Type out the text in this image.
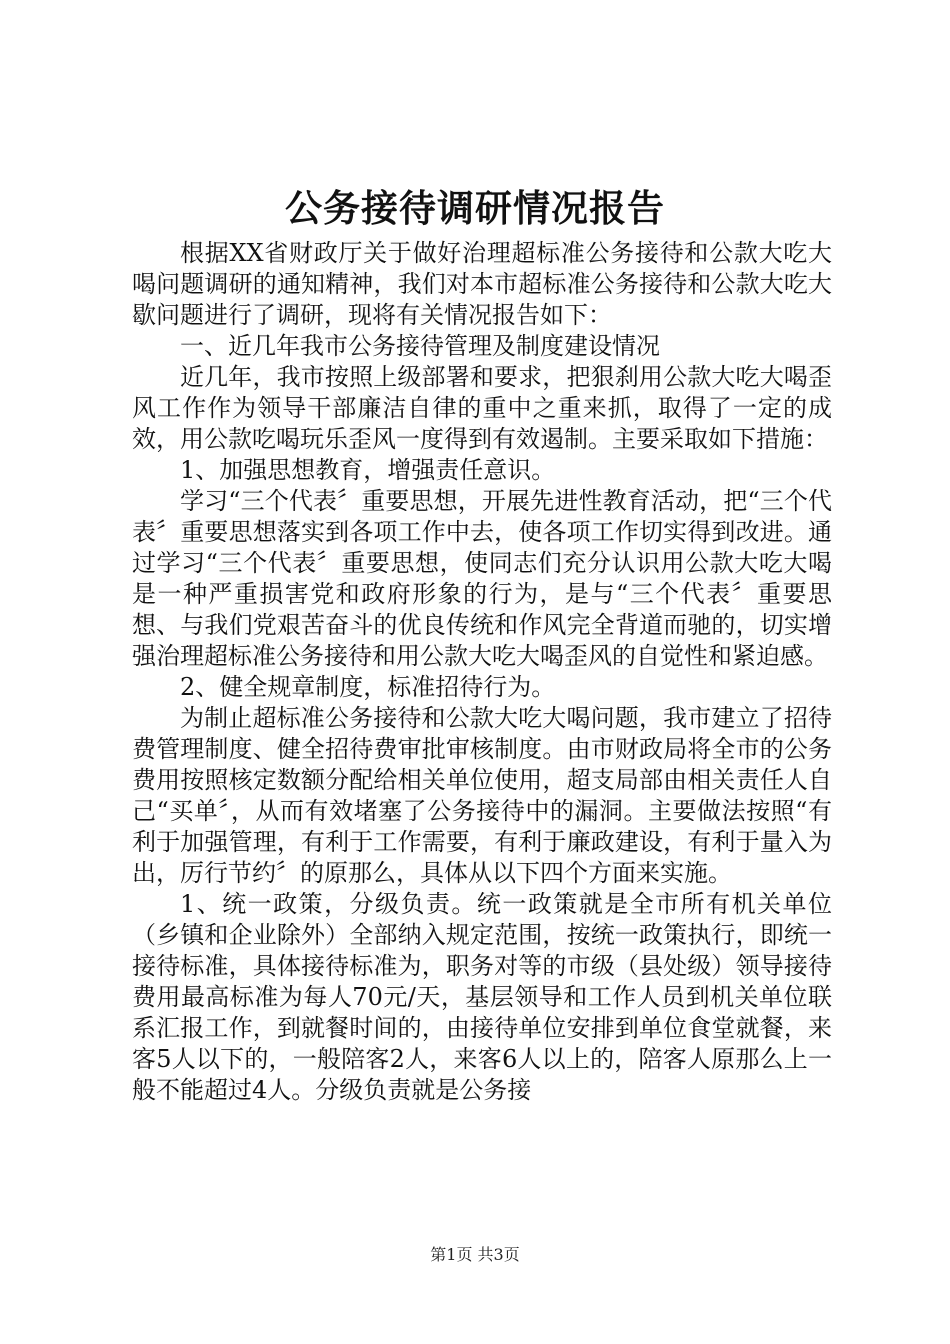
公务接待调研情况报告

根据XX省财政厅关于做好治理超标准公务接待和公款大吃大喝问题调研的通知精神，我们对本市超标准公务接待和公款大吃大歇问题进行了调研，现将有关情况报告如下：

一、近几年我市公务接待管理及制度建设情况

近几年，我市按照上级部署和要求，把狠刹用公款大吃大喝歪风工作作为领导干部廉洁自律的重中之重来抓，取得了一定的成效，用公款吃喝玩乐歪风一度得到有效遏制。主要采取如下措施：

1、加强思想教育，增强责任意识。

学习“三个代表〞重要思想，开展先进性教育活动，把“三个代表〞重要思想落实到各项工作中去，使各项工作切实得到改进。通过学习“三个代表〞重要思想，使同志们充分认识用公款大吃大喝是一种严重损害党和政府形象的行为，是与“三个代表〞重要思想、与我们党艰苦奋斗的优良传统和作风完全背道而驰的，切实增强治理超标准公务接待和用公款大吃大喝歪风的自觉性和紧迫感。

2、健全规章制度，标准招待行为。

为制止超标准公务接待和公款大吃大喝问题，我市建立了招待费管理制度、健全招待费审批审核制度。由市财政局将全市的公务费用按照核定数额分配给相关单位使用，超支局部由相关责任人自己“买单〞，从而有效堵塞了公务接待中的漏洞。主要做法按照“有利于加强管理，有利于工作需要，有利于廉政建设，有利于量入为出，厉行节约〞的原那么，具体从以下四个方面来实施。

1、统一政策，分级负责。统一政策就是全市所有机关单位（乡镇和企业除外）全部纳入规定范围，按统一政策执行，即统一接待标准，具体接待标准为，职务对等的市级（县处级）领导接待费用最高标准为每人70元/天，基层领导和工作人员到机关单位联系汇报工作，到就餐时间的，由接待单位安排到单位食堂就餐，来客5人以下的，一般陪客2人，来客6人以上的，陪客人原那么上一般不能超过4人。分级负责就是公务接

第1页 共3页
